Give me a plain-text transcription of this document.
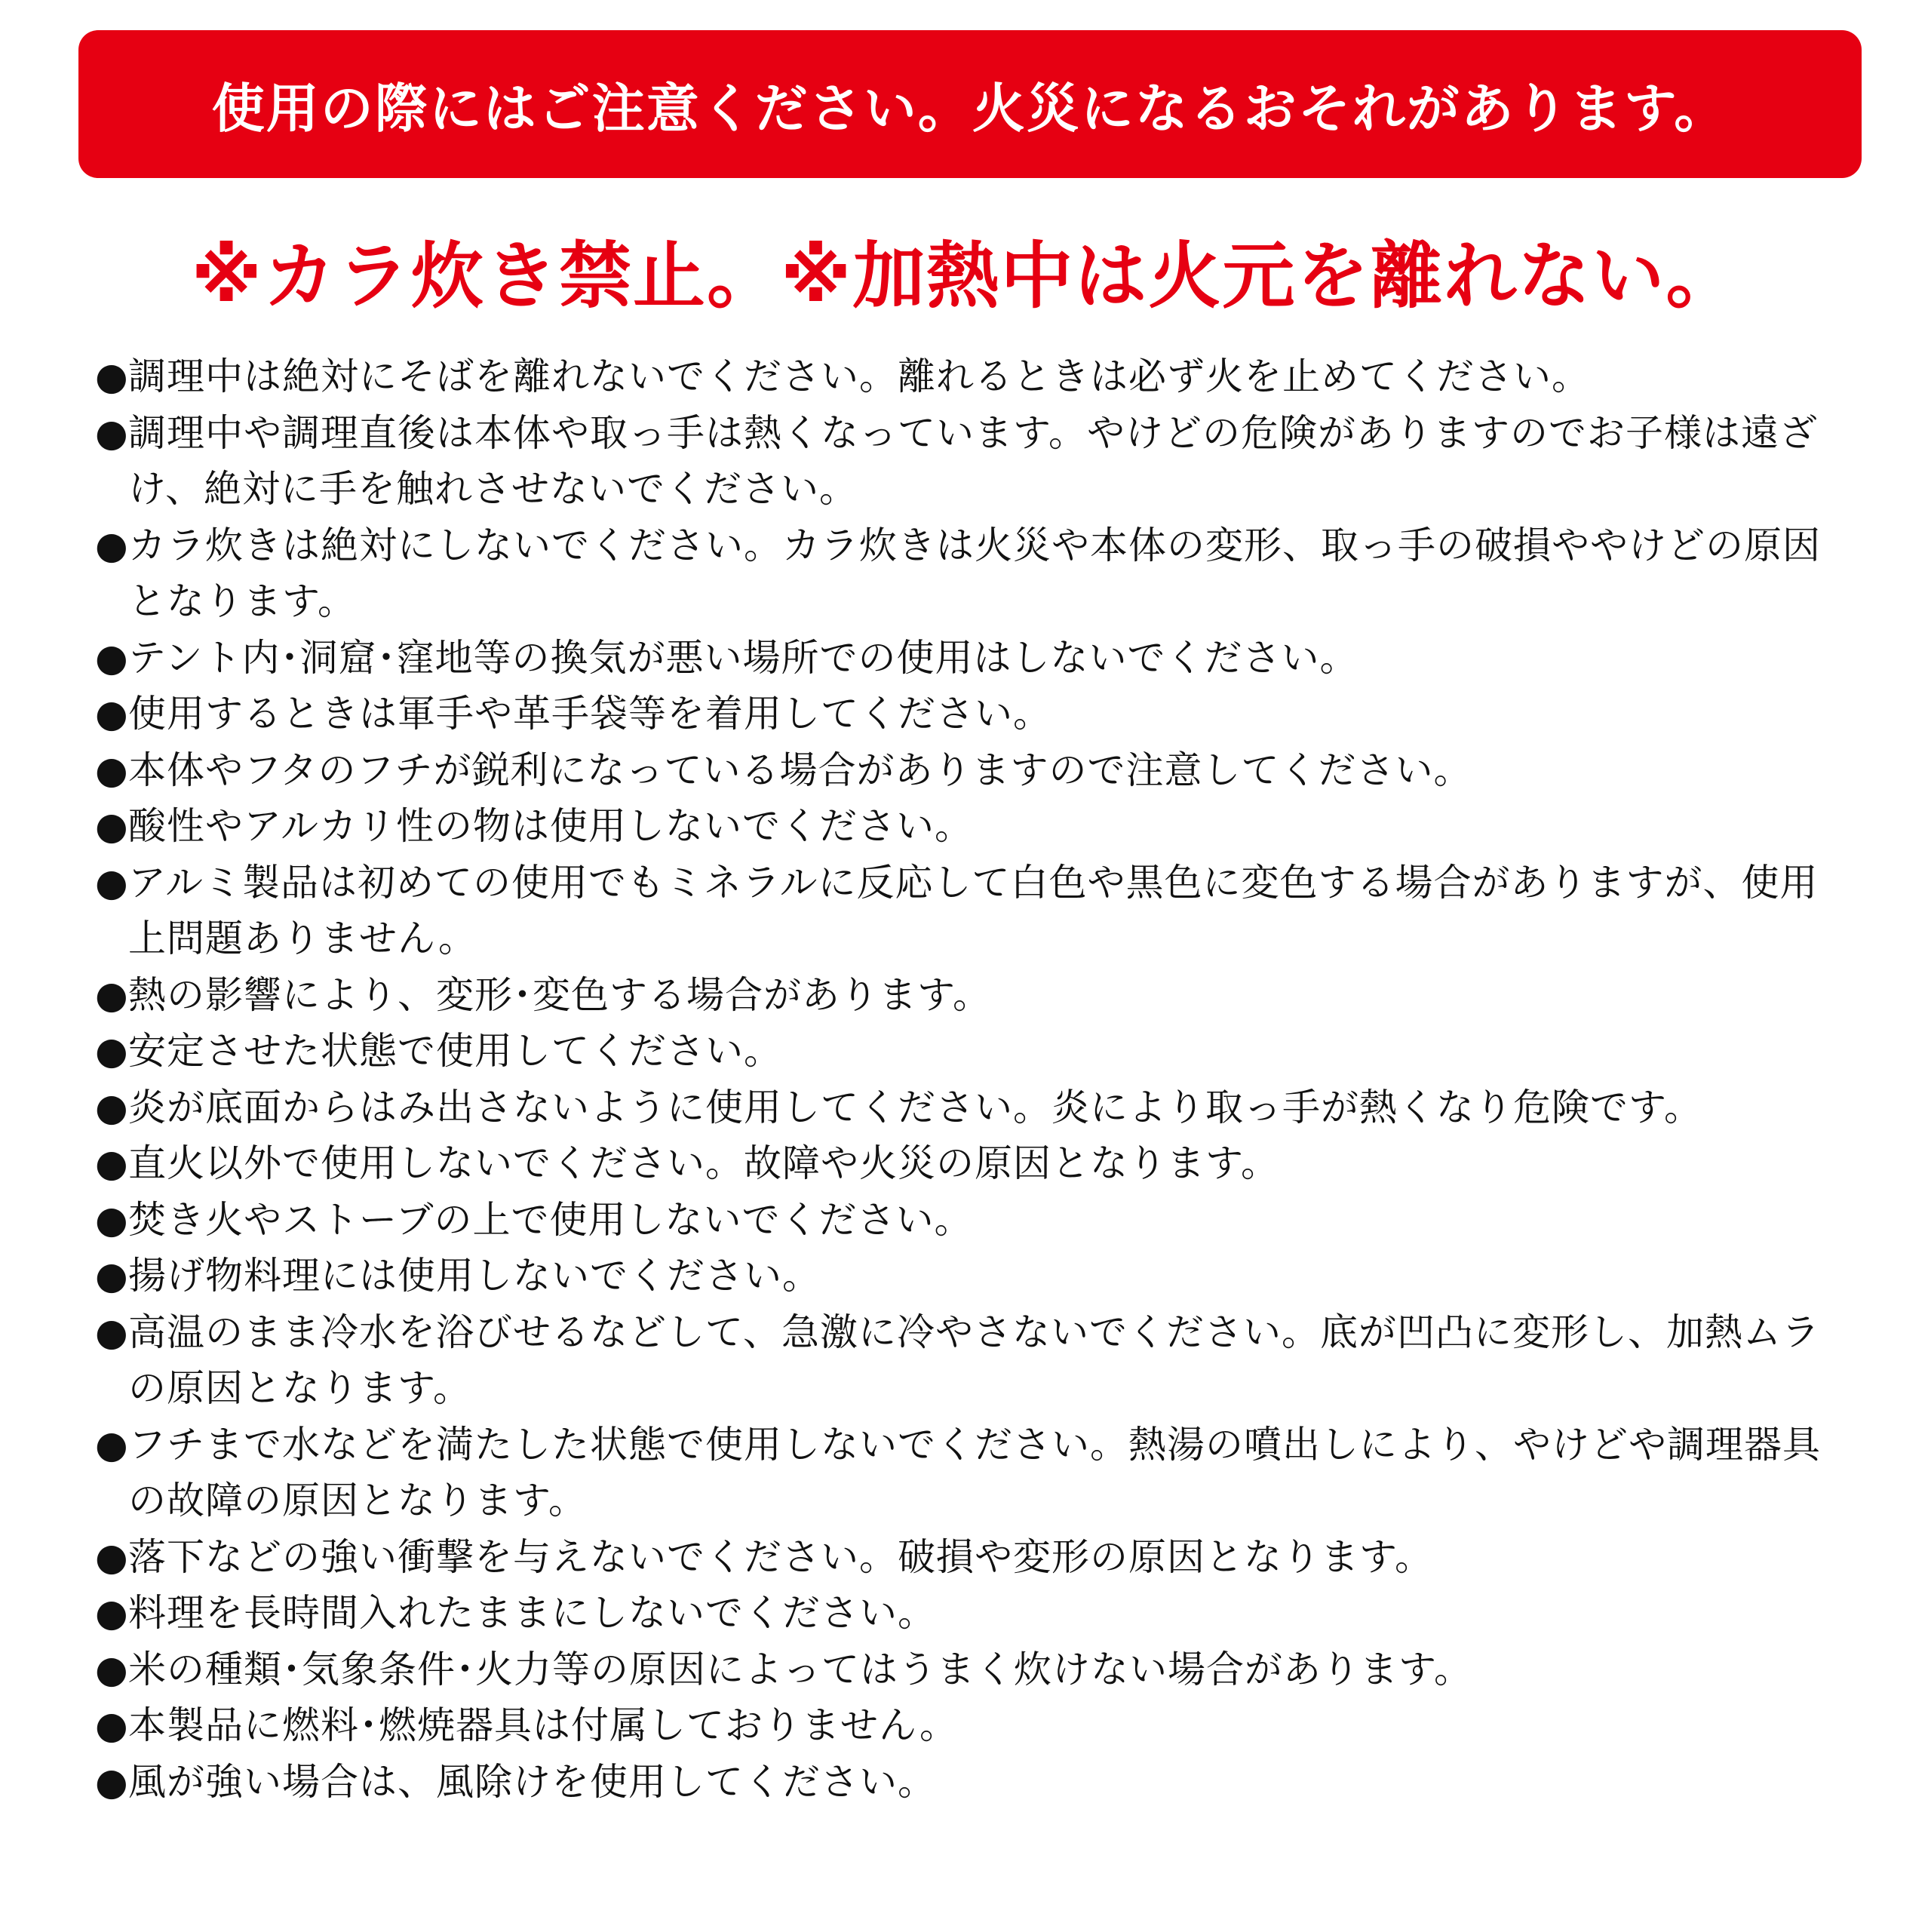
使用の際にはご注意ください。火災になるおそれがあります。
※カラ炊き禁止。※加熱中は火元を離れない。
● 調理中は絶対にそばを離れないでください。離れるときは必ず火を止めてください。
● 調理中や調理直後は本体や取っ手は熱くなっています。やけどの危険がありますのでお子様は遠ざけ、絶対に手を触れさせないでください。
● カラ炊きは絶対にしないでください。カラ炊きは火災や本体の変形、取っ手の破損ややけどの原因となります。
● テント内･洞窟･窪地等の換気が悪い場所での使用はしないでください。
● 使用するときは軍手や革手袋等を着用してください。
● 本体やフタのフチが鋭利になっている場合がありますので注意してください。
● 酸性やアルカリ性の物は使用しないでください。
● アルミ製品は初めての使用でもミネラルに反応して白色や黒色に変色する場合がありますが、使用上問題ありません。
● 熱の影響により、変形･変色する場合があります。
● 安定させた状態で使用してください。
● 炎が底面からはみ出さないように使用してください。炎により取っ手が熱くなり危険です。
● 直火以外で使用しないでください。故障や火災の原因となります。
● 焚き火やストーブの上で使用しないでください。
● 揚げ物料理には使用しないでください。
● 高温のまま冷水を浴びせるなどして、急激に冷やさないでください。底が凹凸に変形し、加熱ムラの原因となります。
● フチまで水などを満たした状態で使用しないでください。熱湯の噴出しにより、やけどや調理器具の故障の原因となります。
● 落下などの強い衝撃を与えないでください。破損や変形の原因となります。
● 料理を長時間入れたままにしないでください。
● 米の種類･気象条件･火力等の原因によってはうまく炊けない場合があります。
● 本製品に燃料･燃焼器具は付属しておりません。
● 風が強い場合は、風除けを使用してください。
